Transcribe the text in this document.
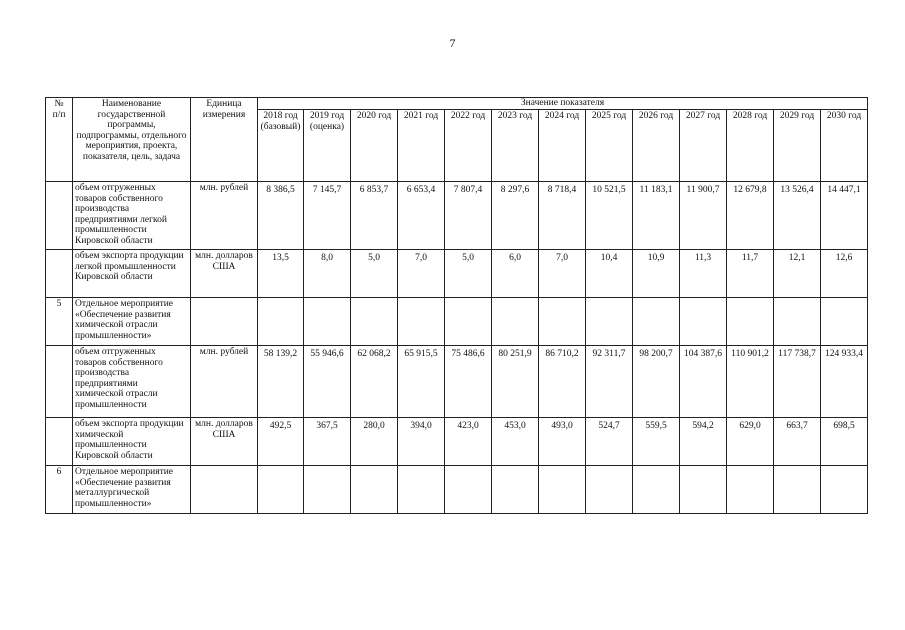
7
№
п/п	Наименование государственной программы, подпрограммы, отдельного мероприятия, проекта, показателя, цель, задача	Единица измерения	Значение показателя												
			2018 год (базовый)	2019 год (оценка)	2020 год	2021 год	2022 год	2023 год	2024 год	2025 год	2026 год	2027 год	2028 год	2029 год	2030 год
	объем отгруженных товаров собственного производства предприятиями легкой промышленности Кировской области	млн. рублей	8 386,5	7 145,7	6 853,7	6 653,4	7 807,4	8 297,6	8 718,4	10 521,5	11 183,1	11 900,7	12 679,8	13 526,4	14 447,1
	объем экспорта продукции легкой промышленности Кировской области	млн. долларов США	13,5	8,0	5,0	7,0	5,0	6,0	7,0	10,4	10,9	11,3	11,7	12,1	12,6
5	Отдельное мероприятие «Обеспечение развития химической отрасли промышленности»														
	объем отгруженных товаров собственного производства предприятиями химической отрасли промышленности	млн. рублей	58 139,2	55 946,6	62 068,2	65 915,5	75 486,6	80 251,9	86 710,2	92 311,7	98 200,7	104 387,6	110 901,2	117 738,7	124 933,4
	объем экспорта продукции химической промышленности Кировской области	млн. долларов США	492,5	367,5	280,0	394,0	423,0	453,0	493,0	524,7	559,5	594,2	629,0	663,7	698,5
6	Отдельное мероприятие «Обеспечение развития металлургической промышленности»														
